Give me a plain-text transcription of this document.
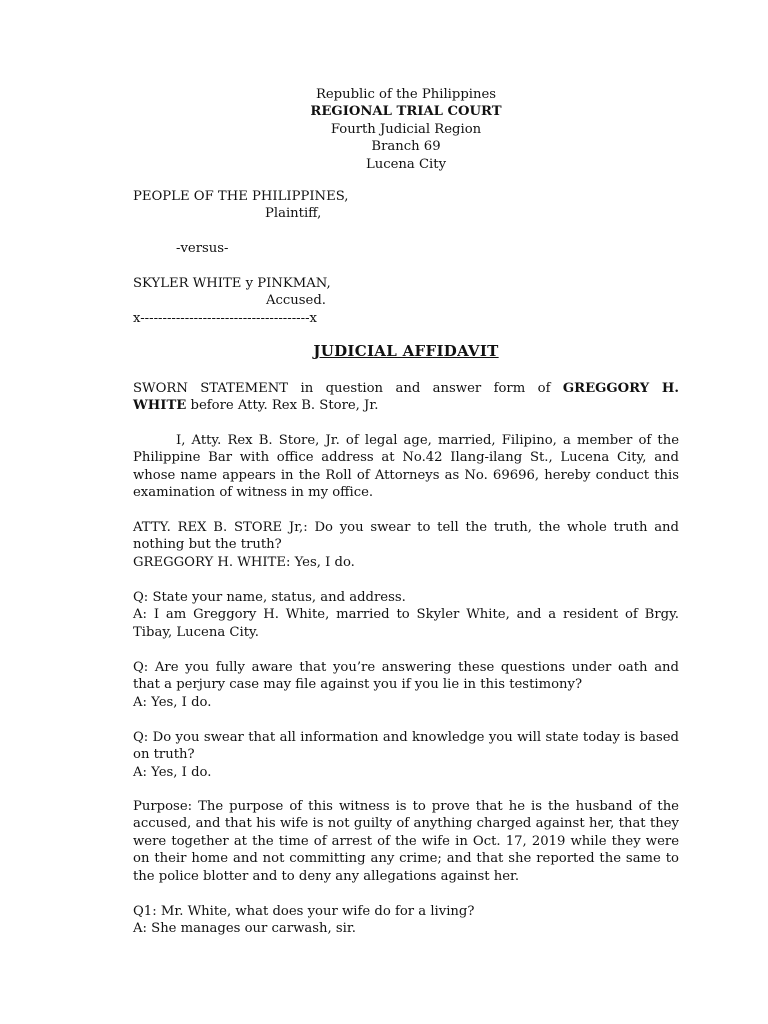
Republic of the Philippines

REGIONAL TRIAL COURT

Fourth Judicial Region

Branch 69

Lucena City

PEOPLE OF THE PHILIPPINES,

Plaintiff,

-versus-

SKYLER WHITE y PINKMAN,

Accused.

x--------------------------------------x

JUDICIAL AFFIDAVIT

SWORN STATEMENT in question and answer form of GREGGORY H.

WHITE before Atty. Rex B. Store, Jr.

I, Atty. Rex B. Store, Jr. of legal age, married, Filipino, a member of the Philippine Bar with office address at No.42 Ilang-ilang St., Lucena City, and whose name appears in the Roll of Attorneys as No. 69696, hereby conduct this examination of witness in my office.

ATTY. REX B. STORE Jr,: Do you swear to tell the truth, the whole truth and nothing but the truth?

GREGGORY H. WHITE: Yes, I do.

Q: State your name, status, and address.

A: I am Greggory H. White, married to Skyler White, and a resident of Brgy. Tibay, Lucena City.

Q: Are you fully aware that you’re answering these questions under oath and that a perjury case may file against you if you lie in this testimony?

A: Yes, I do.

Q: Do you swear that all information and knowledge you will state today is based on truth?

A: Yes, I do.

Purpose: The purpose of this witness is to prove that he is the husband of the accused, and that his wife is not guilty of anything charged against her, that they were together at the time of arrest of the wife in Oct. 17, 2019 while they were on their home and not committing any crime; and that she reported the same to the police blotter and to deny any allegations against her.

Q1: Mr. White, what does your wife do for a living?

A: She manages our carwash, sir.
